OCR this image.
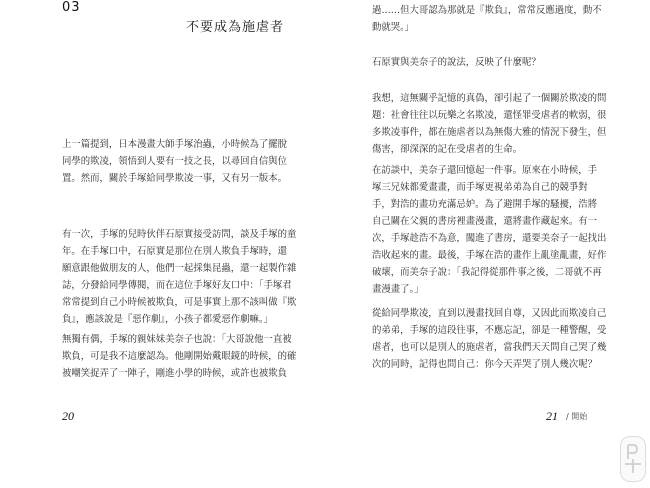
03
不要成為施虐者
上一篇提到，日本漫畫大師手塚治蟲，小時候為了擺脫
同學的欺凌，領悟到人要有一技之長，以尋回自信與位
置。然而，關於手塚給同學欺凌一事，又有另一版本。
有一次，手塚的兒時伙伴石原實接受訪問，談及手塚的童
年。在手塚口中，石原實是那位在別人欺負手塚時，還
願意跟他做朋友的人，他們一起採集昆蟲，還一起製作雜
誌，分發給同學傳閱，而在這位手塚好友口中：「手塚君
常常提到自己小時候被欺負，可是事實上那不該叫做『欺
負』，應該說是『惡作劇』，小孩子都愛惡作劇嘛。」
無獨有偶，手塚的親妹妹美奈子也說：「大哥說他一直被
欺負，可是我不這麼認為。他剛開始戴眼鏡的時候，的確
被嘲笑捉弄了一陣子，剛進小學的時候，或許也被欺負
20
過……但大哥認為那就是『欺負』，常常反應過度，動不
動就哭。」
石原實與美奈子的說法，反映了什麼呢？
我想，這無關乎記憶的真偽，卻引起了一個關於欺凌的問
題：社會往往以玩樂之名欺凌，還怪罪受虐者的軟弱，很
多欺凌事件，都在施虐者以為無傷大雅的情況下發生，但
傷害，卻深深的記在受虐者的生命。
在訪談中，美奈子還回憶起一件事。原來在小時候，手
塚三兄妹都愛畫畫，而手塚更視弟弟為自己的競爭對
手，對浩的畫功充滿忌妒。為了避開手塚的騷擾，浩將
自己關在父親的書房裡畫漫畫，還將畫作藏起來。有一
次，手塚趁浩不為意，闖進了書房，還要美奈子一起找出
浩收起來的畫。最後，手塚在浩的畫作上亂塗亂畫，好作
破壞，而美奈子說：「我記得從那件事之後，二哥就不再
畫漫畫了。」
從給同學欺凌，直到以漫畫找回自尊，又因此而欺凌自己
的弟弟，手塚的這段往事，不應忘記，卻是一種警醒，受
虐者，也可以是別人的施虐者，當我們天天問自己哭了幾
次的同時，記得也問自己：你今天弄哭了別人幾次呢？
21 / 開始
